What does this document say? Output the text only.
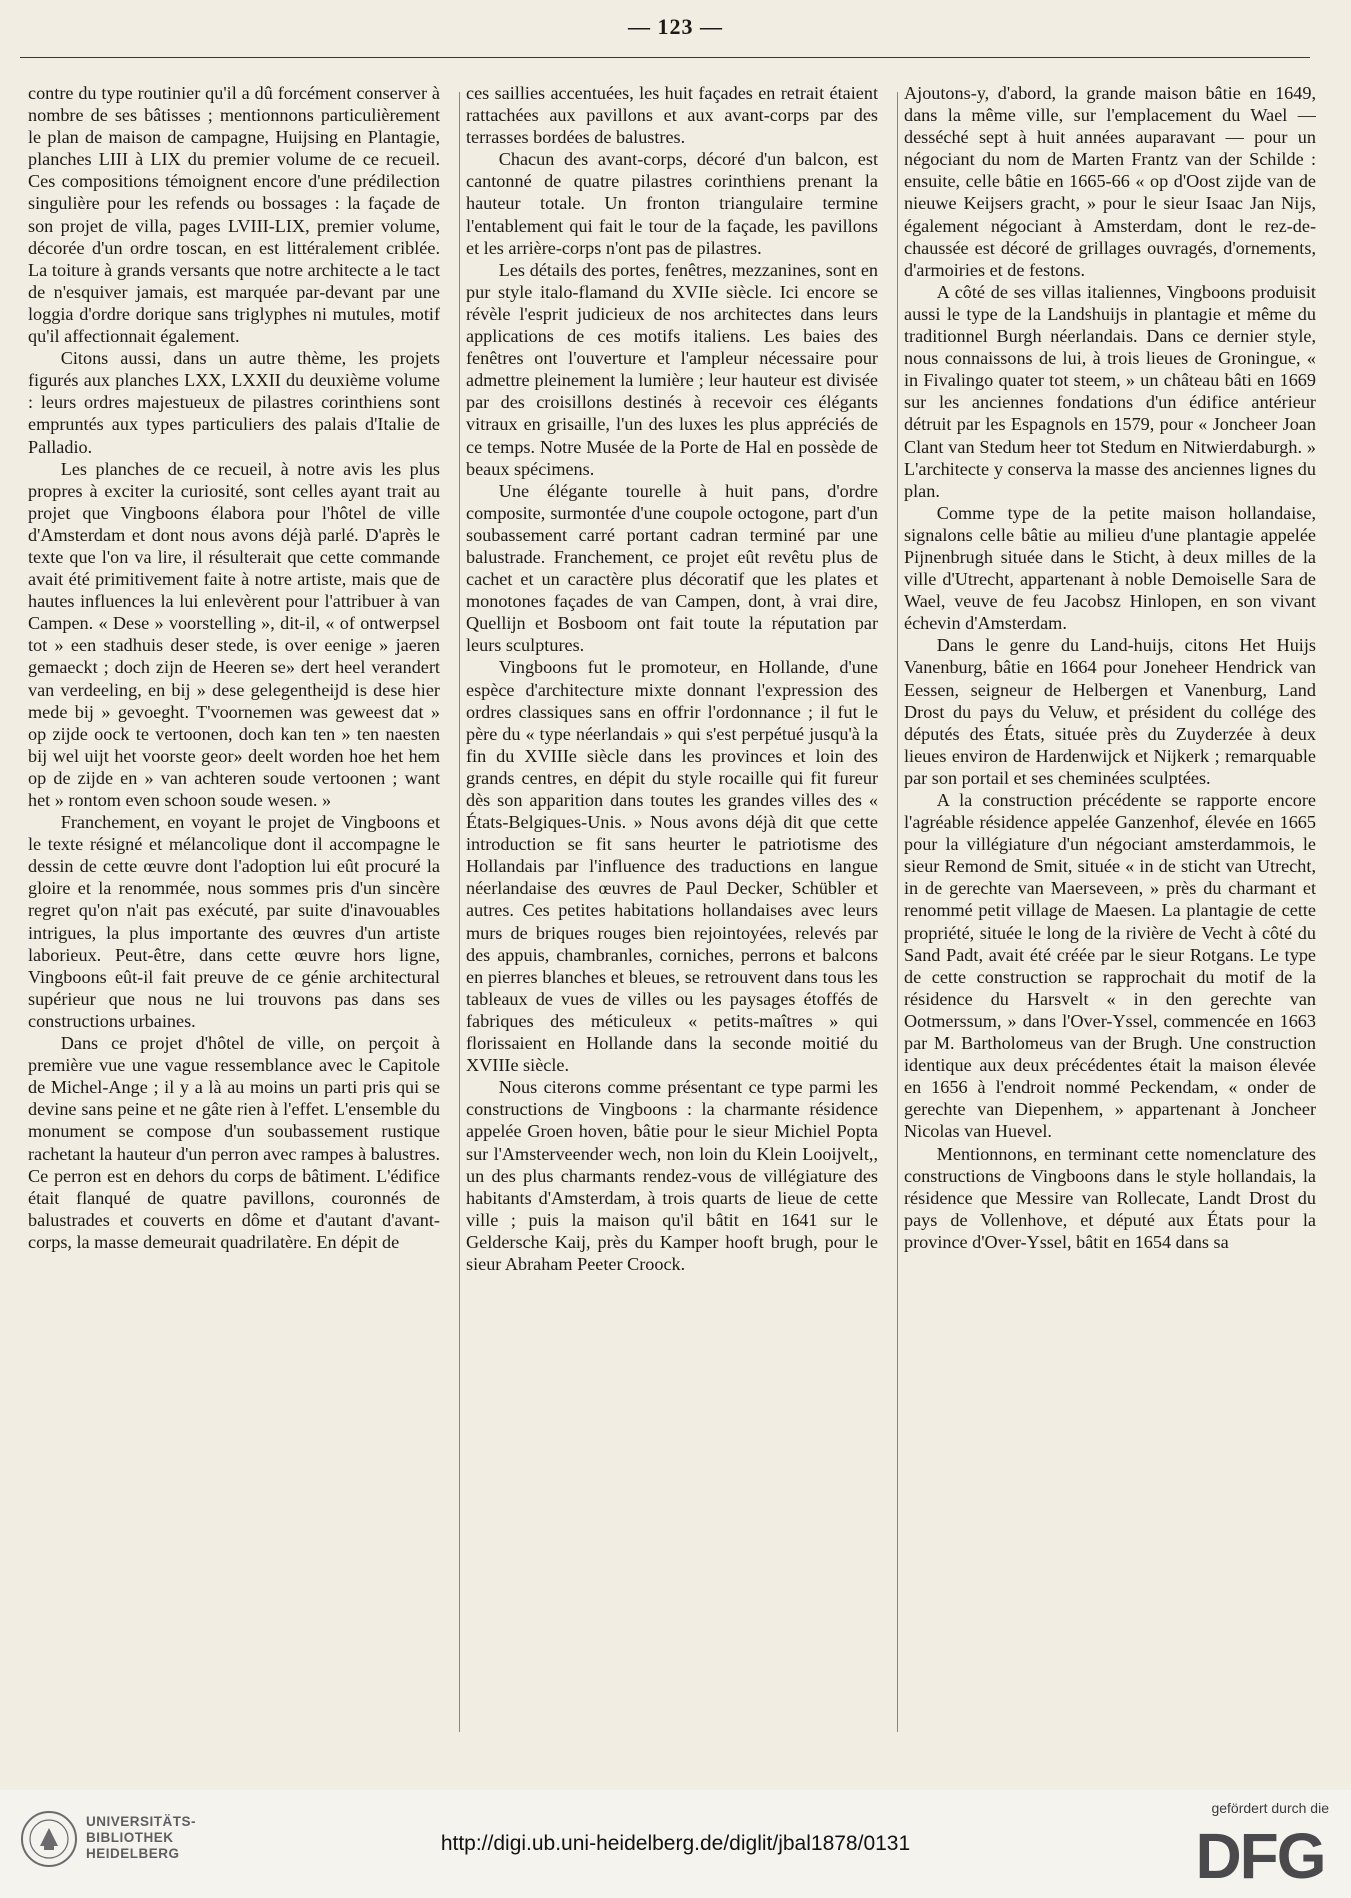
— 123 —

contre du type routinier qu'il a dû forcément conserver à nombre de ses bâtisses ; mentionnons particulièrement le plan de maison de campagne, Huijsing en Plantagie, planches LIII à LIX du premier volume de ce recueil. Ces compositions témoignent encore d'une prédilection singulière pour les refends ou bossages : la façade de son projet de villa, pages LVIII-LIX, premier volume, décorée d'un ordre toscan, en est littéralement criblée. La toiture à grands versants que notre architecte a le tact de n'esquiver jamais, est marquée par-devant par une loggia d'ordre dorique sans triglyphes ni mutules, motif qu'il affectionnait également.

Citons aussi, dans un autre thème, les projets figurés aux planches LXX, LXXII du deuxième volume : leurs ordres majestueux de pilastres corinthiens sont empruntés aux types particuliers des palais d'Italie de Palladio.

Les planches de ce recueil, à notre avis les plus propres à exciter la curiosité, sont celles ayant trait au projet que Vingboons élabora pour l'hôtel de ville d'Amsterdam et dont nous avons déjà parlé. D'après le texte que l'on va lire, il résulterait que cette commande avait été primitivement faite à notre artiste, mais que de hautes influences la lui enlevèrent pour l'attribuer à van Campen. « Dese » voorstelling », dit-il, « of ontwerpsel tot » een stadhuis deser stede, is over eenige » jaeren gemaeckt ; doch zijn de Heeren se» dert heel verandert van verdeeling, en bij » dese gelegentheijd is dese hier mede bij » gevoeght. T'voornemen was geweest dat » op zijde oock te vertoonen, doch kan ten » ten naesten bij wel uijt het voorste geor» deelt worden hoe het hem op de zijde en » van achteren soude vertoonen ; want het » rontom even schoon soude wesen. »

Franchement, en voyant le projet de Vingboons et le texte résigné et mélancolique dont il accompagne le dessin de cette œuvre dont l'adoption lui eût procuré la gloire et la renommée, nous sommes pris d'un sincère regret qu'on n'ait pas exécuté, par suite d'inavouables intrigues, la plus importante des œuvres d'un artiste laborieux. Peut-être, dans cette œuvre hors ligne, Vingboons eût-il fait preuve de ce génie architectural supérieur que nous ne lui trouvons pas dans ses constructions urbaines.

Dans ce projet d'hôtel de ville, on perçoit à première vue une vague ressemblance avec le Capitole de Michel-Ange ; il y a là au moins un parti pris qui se devine sans peine et ne gâte rien à l'effet. L'ensemble du monument se compose d'un soubassement rustique rachetant la hauteur d'un perron avec rampes à balustres. Ce perron est en dehors du corps de bâtiment. L'édifice était flanqué de quatre pavillons, couronnés de balustrades et couverts en dôme et d'autant d'avant-corps, la masse demeurait quadrilatère. En dépit de

ces saillies accentuées, les huit façades en retrait étaient rattachées aux pavillons et aux avant-corps par des terrasses bordées de balustres.

Chacun des avant-corps, décoré d'un balcon, est cantonné de quatre pilastres corinthiens prenant la hauteur totale. Un fronton triangulaire termine l'entablement qui fait le tour de la façade, les pavillons et les arrière-corps n'ont pas de pilastres.

Les détails des portes, fenêtres, mezzanines, sont en pur style italo-flamand du XVIIe siècle. Ici encore se révèle l'esprit judicieux de nos architectes dans leurs applications de ces motifs italiens. Les baies des fenêtres ont l'ouverture et l'ampleur nécessaire pour admettre pleinement la lumière ; leur hauteur est divisée par des croisillons destinés à recevoir ces élégants vitraux en grisaille, l'un des luxes les plus appréciés de ce temps. Notre Musée de la Porte de Hal en possède de beaux spécimens.

Une élégante tourelle à huit pans, d'ordre composite, surmontée d'une coupole octogone, part d'un soubassement carré portant cadran terminé par une balustrade. Franchement, ce projet eût revêtu plus de cachet et un caractère plus décoratif que les plates et monotones façades de van Campen, dont, à vrai dire, Quellijn et Bosboom ont fait toute la réputation par leurs sculptures.

Vingboons fut le promoteur, en Hollande, d'une espèce d'architecture mixte donnant l'expression des ordres classiques sans en offrir l'ordonnance ; il fut le père du « type néerlandais » qui s'est perpétué jusqu'à la fin du XVIIIe siècle dans les provinces et loin des grands centres, en dépit du style rocaille qui fit fureur dès son apparition dans toutes les grandes villes des « États-Belgiques-Unis. » Nous avons déjà dit que cette introduction se fit sans heurter le patriotisme des Hollandais par l'influence des traductions en langue néerlandaise des œuvres de Paul Decker, Schübler et autres. Ces petites habitations hollandaises avec leurs murs de briques rouges bien rejointoyées, relevés par des appuis, chambranles, corniches, perrons et balcons en pierres blanches et bleues, se retrouvent dans tous les tableaux de vues de villes ou les paysages étoffés de fabriques des méticuleux « petits-maîtres » qui florissaient en Hollande dans la seconde moitié du XVIIIe siècle.

Nous citerons comme présentant ce type parmi les constructions de Vingboons : la charmante résidence appelée Groen hoven, bâtie pour le sieur Michiel Popta sur l'Amsterveender wech, non loin du Klein Looijvelt,, un des plus charmants rendez-vous de villégiature des habitants d'Amsterdam, à trois quarts de lieue de cette ville ; puis la maison qu'il bâtit en 1641 sur le Geldersche Kaij, près du Kamper hooft brugh, pour le sieur Abraham Peeter Croock.

Ajoutons-y, d'abord, la grande maison bâtie en 1649, dans la même ville, sur l'emplacement du Wael — desséché sept à huit années auparavant — pour un négociant du nom de Marten Frantz van der Schilde : ensuite, celle bâtie en 1665-66 « op d'Oost zijde van de nieuwe Keijsers gracht, » pour le sieur Isaac Jan Nijs, également négociant à Amsterdam, dont le rez-de-chaussée est décoré de grillages ouvragés, d'ornements, d'armoiries et de festons.

A côté de ses villas italiennes, Vingboons produisit aussi le type de la Landshuijs in plantagie et même du traditionnel Burgh néerlandais. Dans ce dernier style, nous connaissons de lui, à trois lieues de Groningue, « in Fivalingo quater tot steem, » un château bâti en 1669 sur les anciennes fondations d'un édifice antérieur détruit par les Espagnols en 1579, pour « Joncheer Joan Clant van Stedum heer tot Stedum en Nitwierdaburgh. » L'architecte y conserva la masse des anciennes lignes du plan.

Comme type de la petite maison hollandaise, signalons celle bâtie au milieu d'une plantagie appelée Pijnenbrugh située dans le Sticht, à deux milles de la ville d'Utrecht, appartenant à noble Demoiselle Sara de Wael, veuve de feu Jacobsz Hinlopen, en son vivant échevin d'Amsterdam.

Dans le genre du Land-huijs, citons Het Huijs Vanenburg, bâtie en 1664 pour Joneheer Hendrick van Eessen, seigneur de Helbergen et Vanenburg, Land Drost du pays du Veluw, et président du collége des députés des États, située près du Zuyderzée à deux lieues environ de Hardenwijck et Nijkerk ; remarquable par son portail et ses cheminées sculptées.

A la construction précédente se rapporte encore l'agréable résidence appelée Ganzenhof, élevée en 1665 pour la villégiature d'un négociant amsterdammois, le sieur Remond de Smit, située « in de sticht van Utrecht, in de gerechte van Maerseveen, » près du charmant et renommé petit village de Maesen. La plantagie de cette propriété, située le long de la rivière de Vecht à côté du Sand Padt, avait été créée par le sieur Rotgans. Le type de cette construction se rapprochait du motif de la résidence du Harsvelt « in den gerechte van Ootmerssum, » dans l'Over-Yssel, commencée en 1663 par M. Bartholomeus van der Brugh. Une construction identique aux deux précédentes était la maison élevée en 1656 à l'endroit nommé Peckendam, « onder de gerechte van Diepenhem, » appartenant à Joncheer Nicolas van Huevel.

Mentionnons, en terminant cette nomenclature des constructions de Vingboons dans le style hollandais, la résidence que Messire van Rollecate, Landt Drost du pays de Vollenhove, et député aux États pour la province d'Over-Yssel, bâtit en 1654 dans sa

UNIVERSITÄTS-
BIBLIOTHEK
HEIDELBERG	http://digi.ub.uni-heidelberg.de/diglit/jbal1878/0131
gefördert durch die
DFG
